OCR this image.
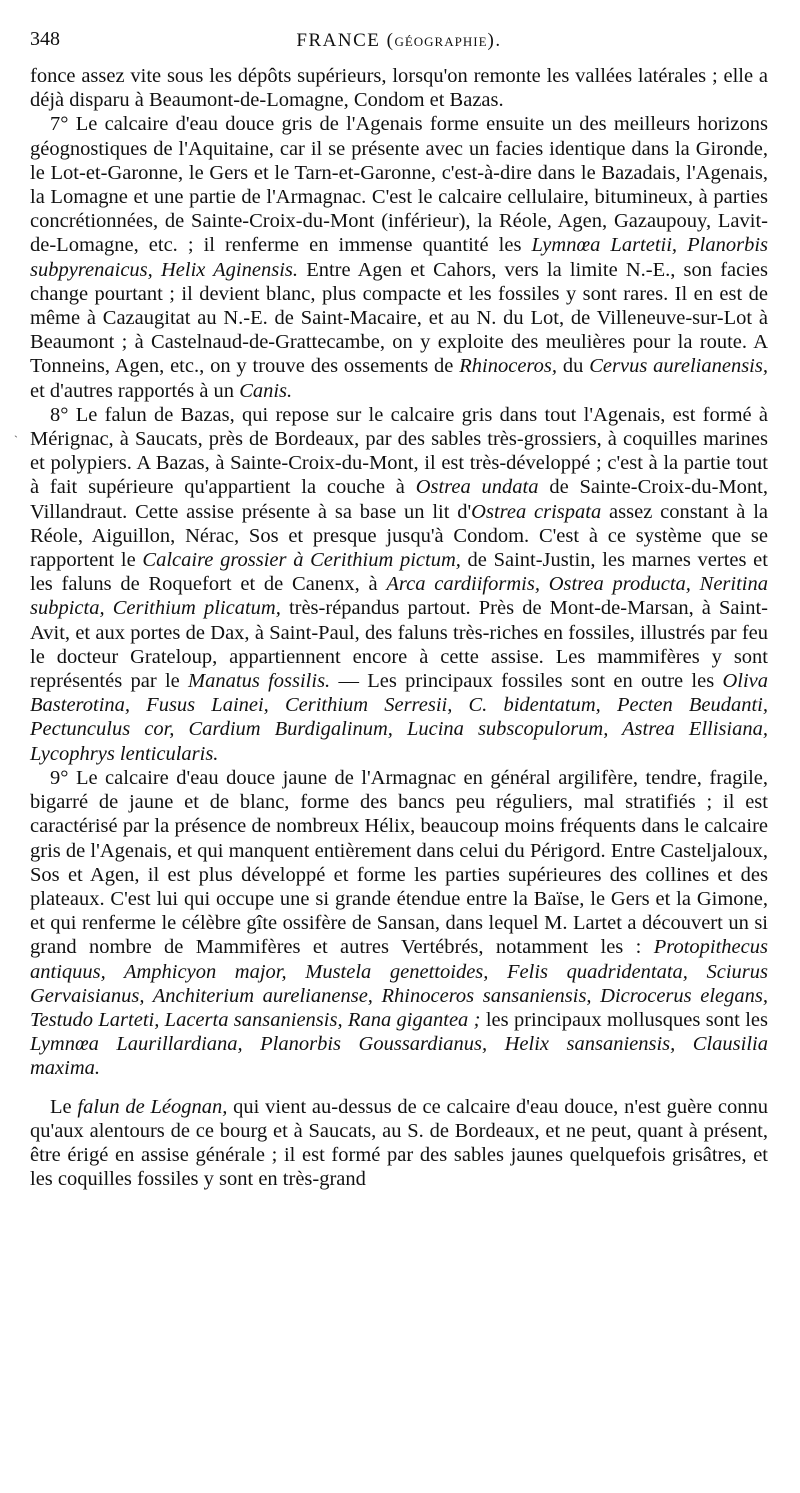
348	FRANCE (GÉOGRAPHIE).

fonce assez vite sous les dépôts supérieurs, lorsqu'on remonte les vallées latérales ; elle a déjà disparu à Beaumont-de-Lomagne, Condom et Bazas.

7° Le calcaire d'eau douce gris de l'Agenais forme ensuite un des meilleurs horizons géognostiques de l'Aquitaine, car il se présente avec un facies identique dans la Gironde, le Lot-et-Garonne, le Gers et le Tarn-et-Garonne, c'est-à-dire dans le Bazadais, l'Agenais, la Lomagne et une partie de l'Armagnac. C'est le calcaire cellulaire, bitumineux, à parties concrétionnées, de Sainte-Croix-du-Mont (inférieur), la Réole, Agen, Gazaupouy, Lavit-de-Lomagne, etc. ; il renferme en immense quantité les Lymnœa Lartetii, Planorbis subpyrenaicus, Helix Aginensis. Entre Agen et Cahors, vers la limite N.-E., son facies change pourtant ; il devient blanc, plus compacte et les fossiles y sont rares. Il en est de même à Cazaugitat au N.-E. de Saint-Macaire, et au N. du Lot, de Villeneuve-sur-Lot à Beaumont ; à Castelnaud-de-Grattecambe, on y exploite des meulières pour la route. A Tonneins, Agen, etc., on y trouve des ossements de Rhinoceros, du Cervus aurelianensis, et d'autres rapportés à un Canis.

8° Le falun de Bazas, qui repose sur le calcaire gris dans tout l'Agenais, est formé à Mérignac, à Saucats, près de Bordeaux, par des sables très-grossiers, à coquilles marines et polypiers. A Bazas, à Sainte-Croix-du-Mont, il est très-développé ; c'est à la partie tout à fait supérieure qu'appartient la couche à Ostrea undata de Sainte-Croix-du-Mont, Villandraut. Cette assise présente à sa base un lit d'Ostrea crispata assez constant à la Réole, Aiguillon, Nérac, Sos et presque jusqu'à Condom. C'est à ce système que se rapportent le Calcaire grossier à Cerithium pictum, de Saint-Justin, les marnes vertes et les faluns de Roquefort et de Canenx, à Arca cardiiformis, Ostrea producta, Neritina subpicta, Cerithium plicatum, très-répandus partout. Près de Mont-de-Marsan, à Saint-Avit, et aux portes de Dax, à Saint-Paul, des faluns très-riches en fossiles, illustrés par feu le docteur Grateloup, appartiennent encore à cette assise. Les mammifères y sont représentés par le Manatus fossilis. — Les principaux fossiles sont en outre les Oliva Basterotina, Fusus Lainei, Cerithium Serresii, C. bidentatum, Pecten Beudanti, Pectunculus cor, Cardium Burdigalinum, Lucina subscopulorum, Astrea Ellisiana, Lycophrys lenticularis.

9° Le calcaire d'eau douce jaune de l'Armagnac en général argilifère, tendre, fragile, bigarré de jaune et de blanc, forme des bancs peu réguliers, mal stratifiés ; il est caractérisé par la présence de nombreux Hélix, beaucoup moins fréquents dans le calcaire gris de l'Agenais, et qui manquent entièrement dans celui du Périgord. Entre Casteljaloux, Sos et Agen, il est plus développé et forme les parties supérieures des collines et des plateaux. C'est lui qui occupe une si grande étendue entre la Baïse, le Gers et la Gimone, et qui renferme le célèbre gîte ossifère de Sansan, dans lequel M. Lartet a découvert un si grand nombre de Mammifères et autres Vertébrés, notamment les : Protopithecus antiquus, Amphicyon major, Mustela genettoides, Felis quadridentata, Sciurus Gervaisianus, Anchiterium aurelianense, Rhinoceros sansaniensis, Dicrocerus elegans, Testudo Larteti, Lacerta sansaniensis, Rana gigantea ; les principaux mollusques sont les Lymnœa Laurillardiana, Planorbis Goussardianus, Helix sansaniensis, Clausilia maxima.

Le falun de Léognan, qui vient au-dessus de ce calcaire d'eau douce, n'est guère connu qu'aux alentours de ce bourg et à Saucats, au S. de Bordeaux, et ne peut, quant à présent, être érigé en assise générale ; il est formé par des sables jaunes quelquefois grisâtres, et les coquilles fossiles y sont en très-grand

ˎ
